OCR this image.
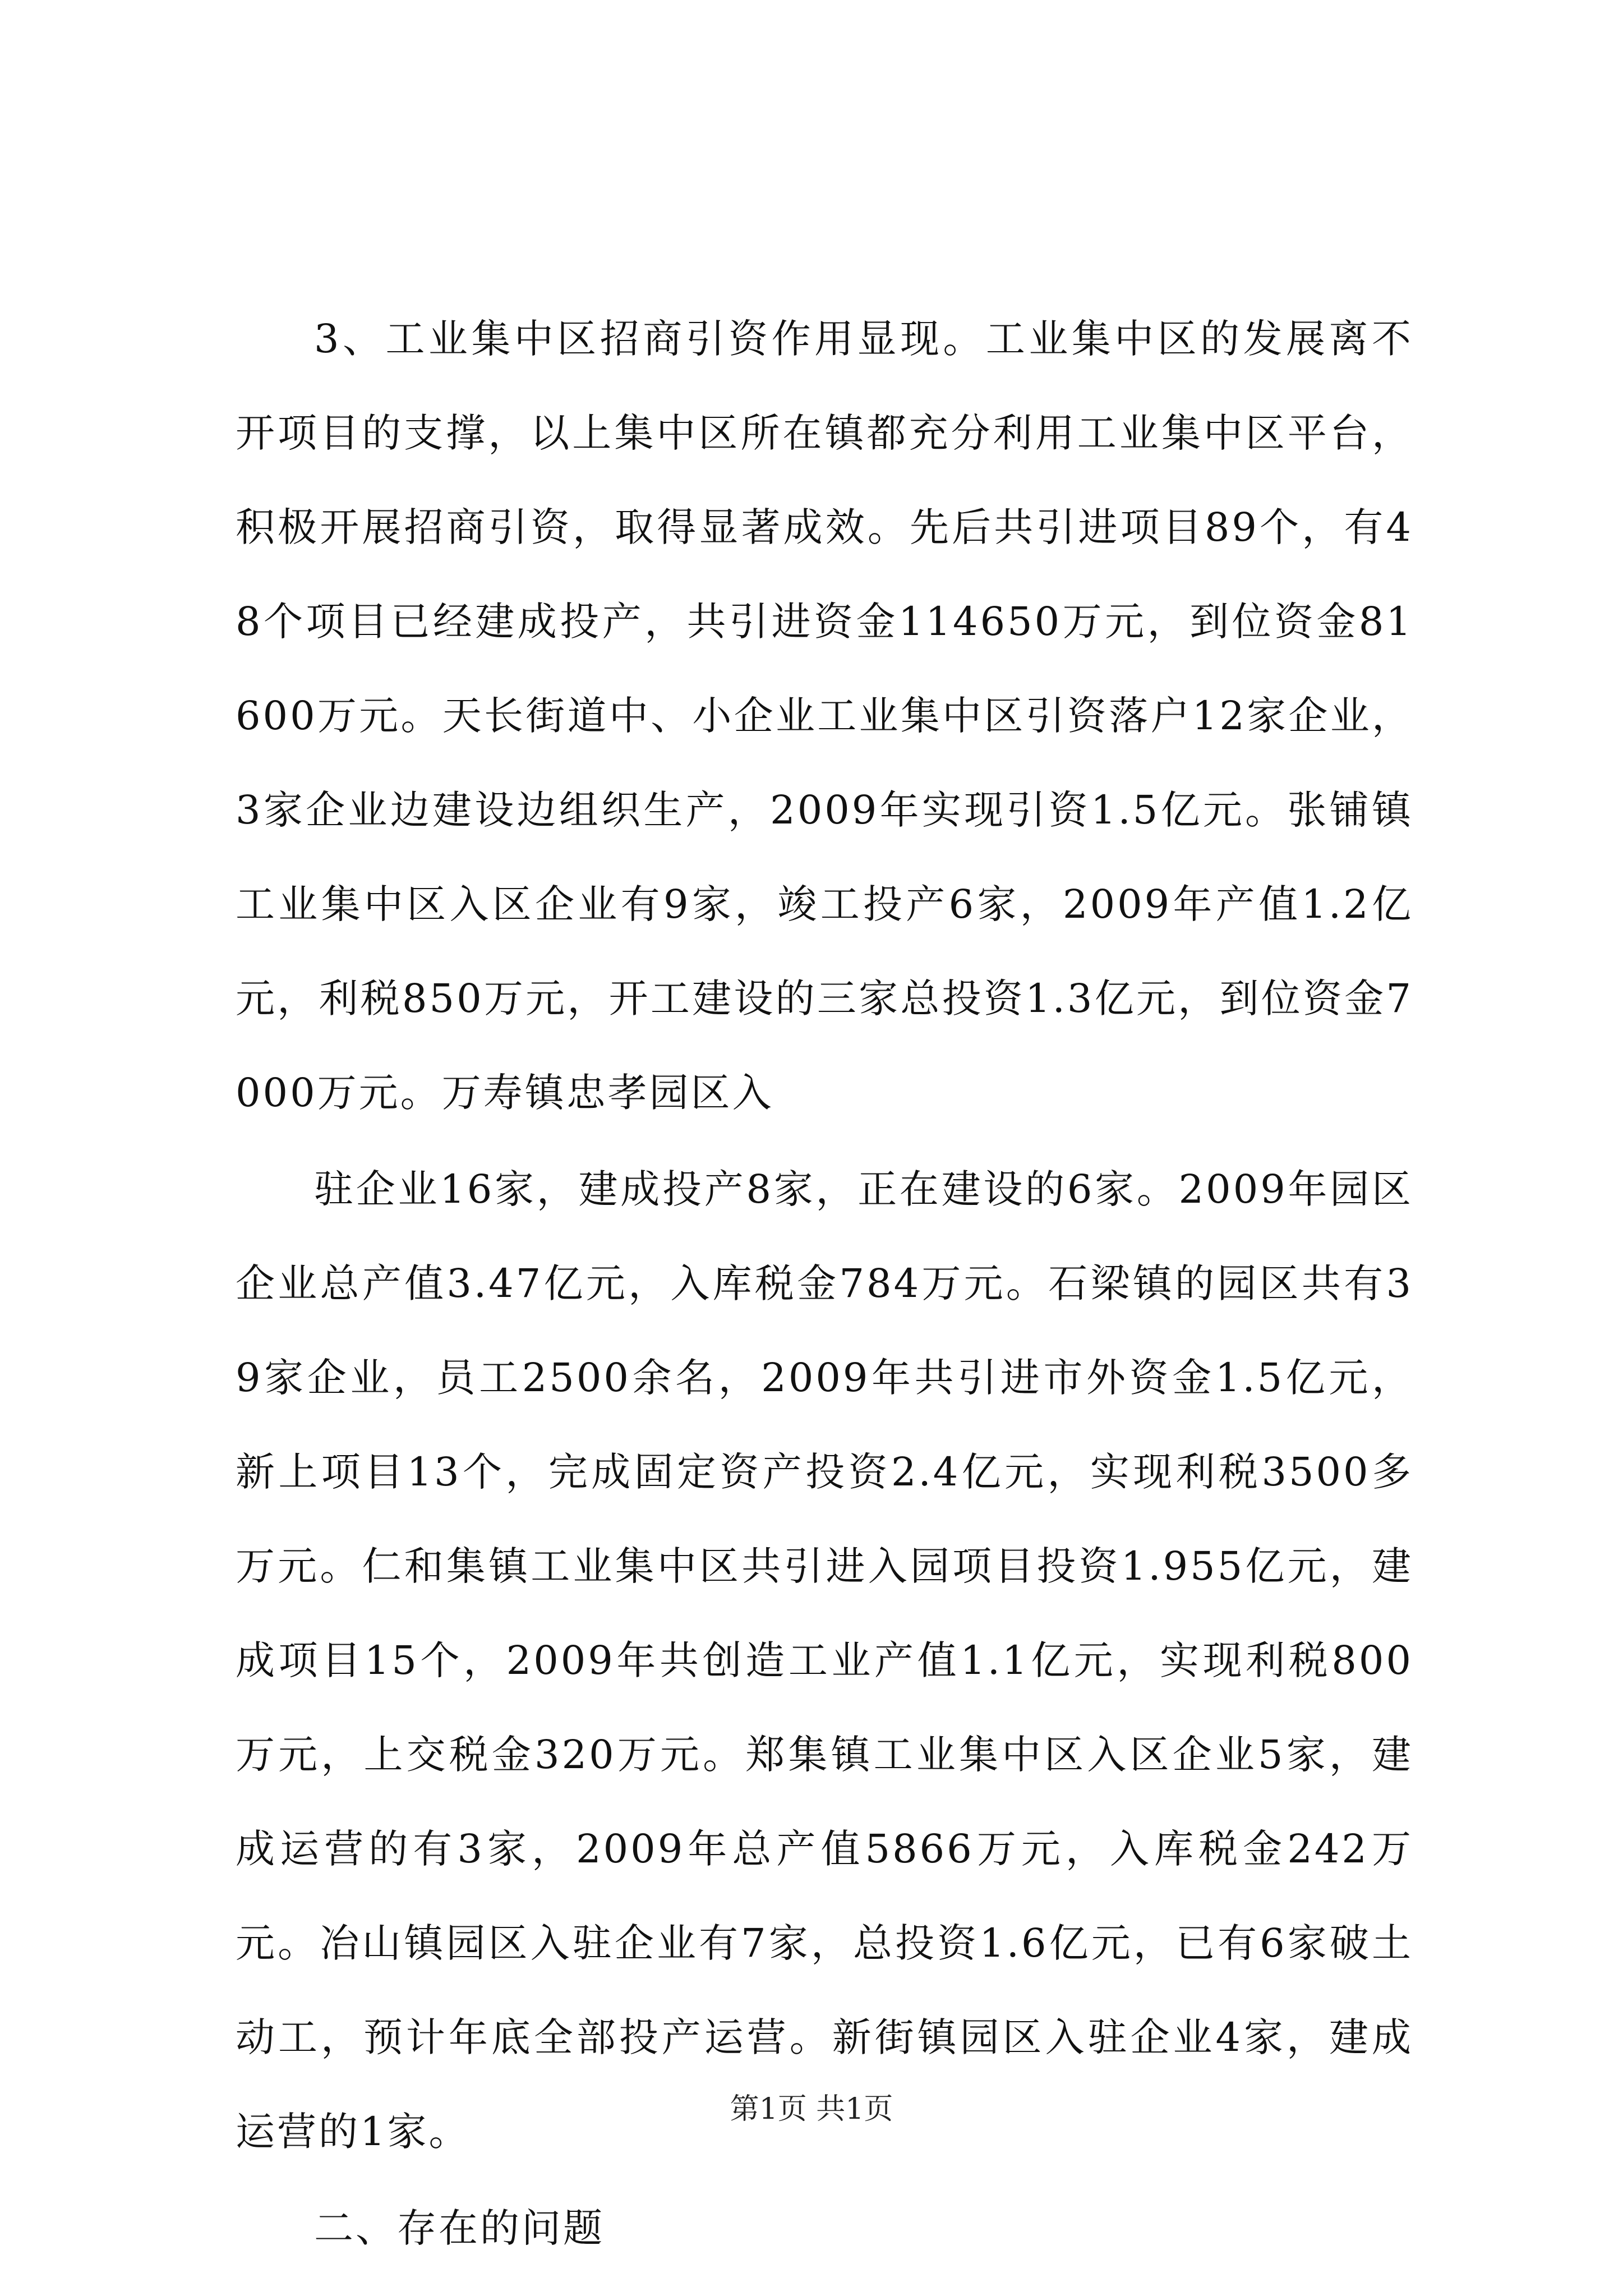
3、工业集中区招商引资作用显现。工业集中区的发展离不开项目的支撑，以上集中区所在镇都充分利用工业集中区平台，积极开展招商引资，取得显著成效。先后共引进项目89个，有48个项目已经建成投产，共引进资金114650万元，到位资金81600万元。天长街道中、小企业工业集中区引资落户12家企业，3家企业边建设边组织生产，2009年实现引资1.5亿元。张铺镇工业集中区入区企业有9家，竣工投产6家，2009年产值1.2亿元，利税850万元，开工建设的三家总投资1.3亿元，到位资金7000万元。万寿镇忠孝园区入

驻企业16家，建成投产8家，正在建设的6家。2009年园区企业总产值3.47亿元，入库税金784万元。石梁镇的园区共有39家企业，员工2500余名，2009年共引进市外资金1.5亿元，新上项目13个，完成固定资产投资2.4亿元，实现利税3500多万元。仁和集镇工业集中区共引进入园项目投资1.955亿元，建成项目15个，2009年共创造工业产值1.1亿元，实现利税800万元，上交税金320万元。郑集镇工业集中区入区企业5家，建成运营的有3家，2009年总产值5866万元，入库税金242万元。冶山镇园区入驻企业有7家，总投资1.6亿元，已有6家破土动工，预计年底全部投产运营。新街镇园区入驻企业4家，建成运营的1家。

二、存在的问题

第1页 共1页
